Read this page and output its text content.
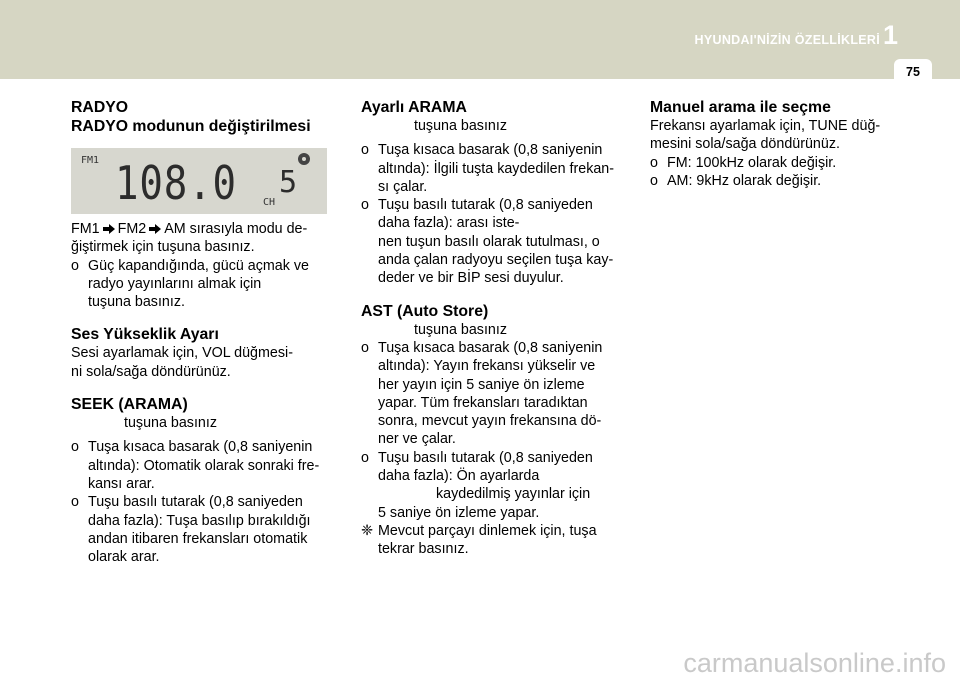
HYUNDAI'NİZİN ÖZELLİKLERİ 1
75
RADYO
RADYO modunun değiştirilmesi
FM1 108.0	CH
5

FM1 FM2 AM sırasıyla modu de-

ğiştirmek için tuşuna basınız.

o Güç kapandığında, gücü açmak ve
radyo yayınlarını almak için
tuşuna basınız.
Ses Yükseklik Ayarı

Sesi ayarlamak için, VOL düğmesi-

ni sola/sağa döndürünüz.

SEEK (ARAMA)

tuşuna basınız

o Tuşa kısaca basarak (0,8 saniyenin
altında): Otomatik olarak sonraki fre-
kansı arar.
o Tuşu basılı tutarak (0,8 saniyeden
daha fazla): Tuşa basılıp bırakıldığı
andan itibaren frekansları otomatik
olarak arar.
Ayarlı ARAMA

tuşuna basınız

o Tuşa kısaca basarak (0,8 saniyenin
altında): İlgili tuşta kaydedilen frekan-
sı çalar.
o Tuşu basılı tutarak (0,8 saniyeden
daha fazla): arası iste-
nen tuşun basılı olarak tutulması, o
anda çalan radyoyu seçilen tuşa kay-
deder ve bir BİP sesi duyulur.
AST (Auto Store)

tuşuna basınız

o Tuşa kısaca basarak (0,8 saniyenin
altında): Yayın frekansı yükselir ve
her yayın için 5 saniye ön izleme
yapar. Tüm frekansları taradıktan
sonra, mevcut yayın frekansına dö-
ner ve çalar.
o Tuşu basılı tutarak (0,8 saniyeden
daha fazla): Ön ayarlarda
kaydedilmiş yayınlar için
5 saniye ön izleme yapar.
❈ Mevcut parçayı dinlemek için, tuşa
tekrar basınız.
Manuel arama ile seçme

Frekansı ayarlamak için, TUNE düğ-

mesini sola/sağa döndürünüz.

o FM: 100kHz olarak değişir.
o AM: 9kHz olarak değişir.
carmanualsonline.info
